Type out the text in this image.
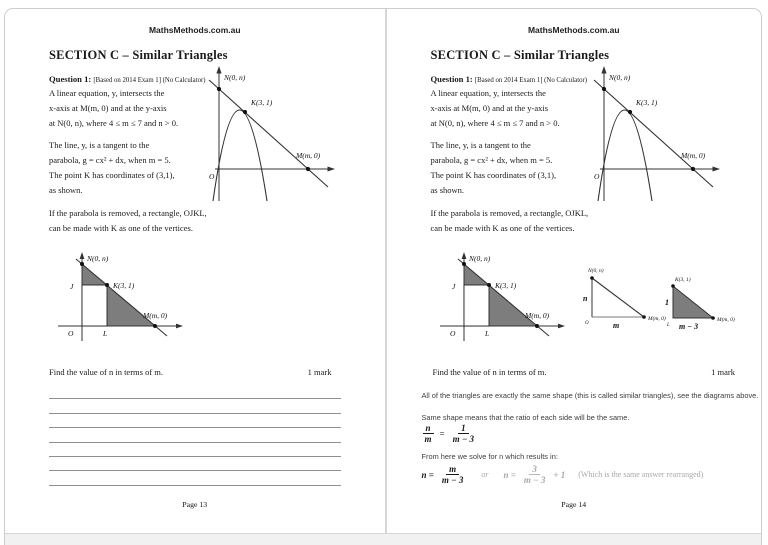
MathsMethods.com.au
SECTION C – Similar Triangles
Question 1: [Based on 2014 Exam 1] (No Calculator)
A linear equation, y, intersects the
x-axis at M(m, 0) and at the y-axis
at N(0, n), where 4 ≤ m ≤ 7 and n > 0.
The line, y, is a tangent to the
parabola, g = cx² + dx, when m = 5.
The point K has coordinates of (3,1),
as shown.
If the parabola is removed, a rectangle, OJKL,
can be made with K as one of the vertices.
N(0, n)
K(3, 1)
M(m, 0)
O
N(0, n)
J	K(3, 1)
O	L
M(m, 0)
Find the value of n in terms of m.	1 mark
Page 13
MathsMethods.com.au
SECTION C – Similar Triangles
Question 1: [Based on 2014 Exam 1] (No Calculator)
A linear equation, y, intersects the
x-axis at M(m, 0) and at the y-axis
at N(0, n), where 4 ≤ m ≤ 7 and n > 0.
The line, y, is a tangent to the
parabola, g = cx² + dx, when m = 5.
The point K has coordinates of (3,1),
as shown.
If the parabola is removed, a rectangle, OJKL,
can be made with K as one of the vertices.
N(0, n)
K(3, 1)
M(m, 0)
O
N(0, n)
J	K(3, 1)
O	L
M(m, 0)
N(0, n)
n
O	m
M(m, 0)
K(3, 1)
1
L m − 3
M(m, 0)
Find the value of n in terms of m.	1 mark
All of the triangles are exactly the same shape (this is called similar triangles), see the diagrams above.
Same shape means that the ratio of each side will be the same.
$\frac{n}{m} = \frac{1}{m - 3}$
From here we solve for n which results in:
$n = \frac{m}{m - 3}$ or $n = \frac{3}{m - 3} + 1$ (Which is the same answer rearranged)
Page 14
